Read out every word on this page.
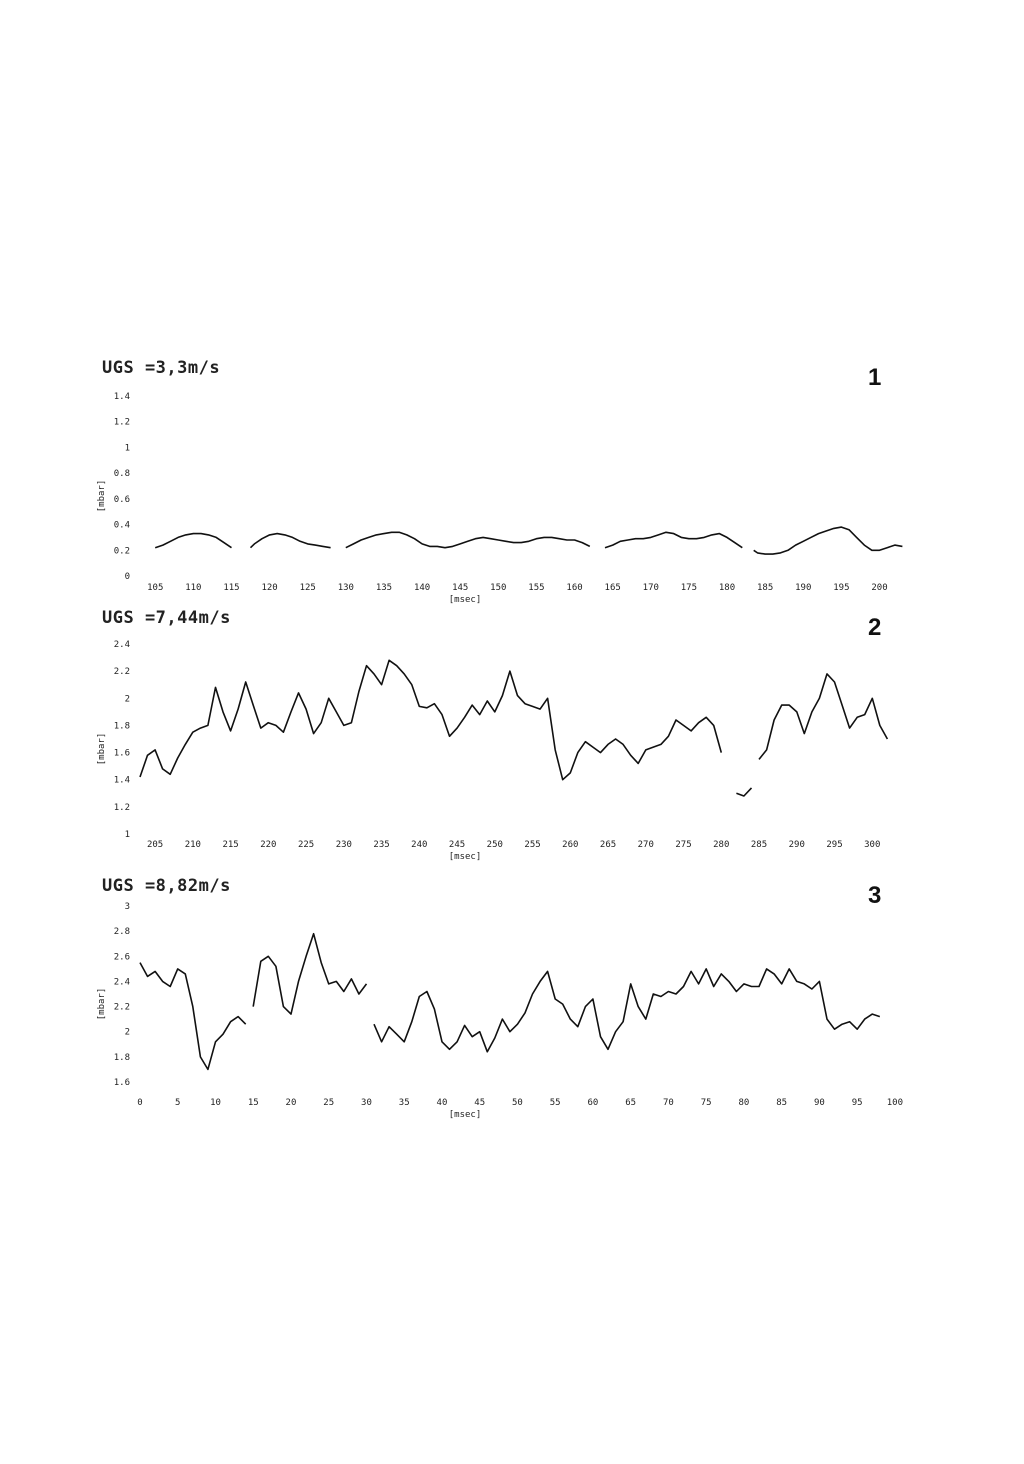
UGS =3,3m/s	1
0
0.2
0.4
0.6
0.8
1
1.2
1.4
[mbar]
105 110 115 120 125 130 135 140 145 150 155 160 165 170 175 180 185 190 195 200
[msec]
UGS =7,44m/s	2
1
1.2
1.4
1.6
1.8
2
2.2
2.4
[mbar]
205 210 215 220 225 230 235 240 245 250 255 260 265 270 275 280 285 290 295 300
[msec]
UGS =8,82m/s	3
1.6
1.8
2
2.2
2.4
2.6
2.8
3
[mbar]
0	5	10	15	20	25	30	35	40	45	50	55	60	65	70	75	80	85	90	95	100
[msec]
